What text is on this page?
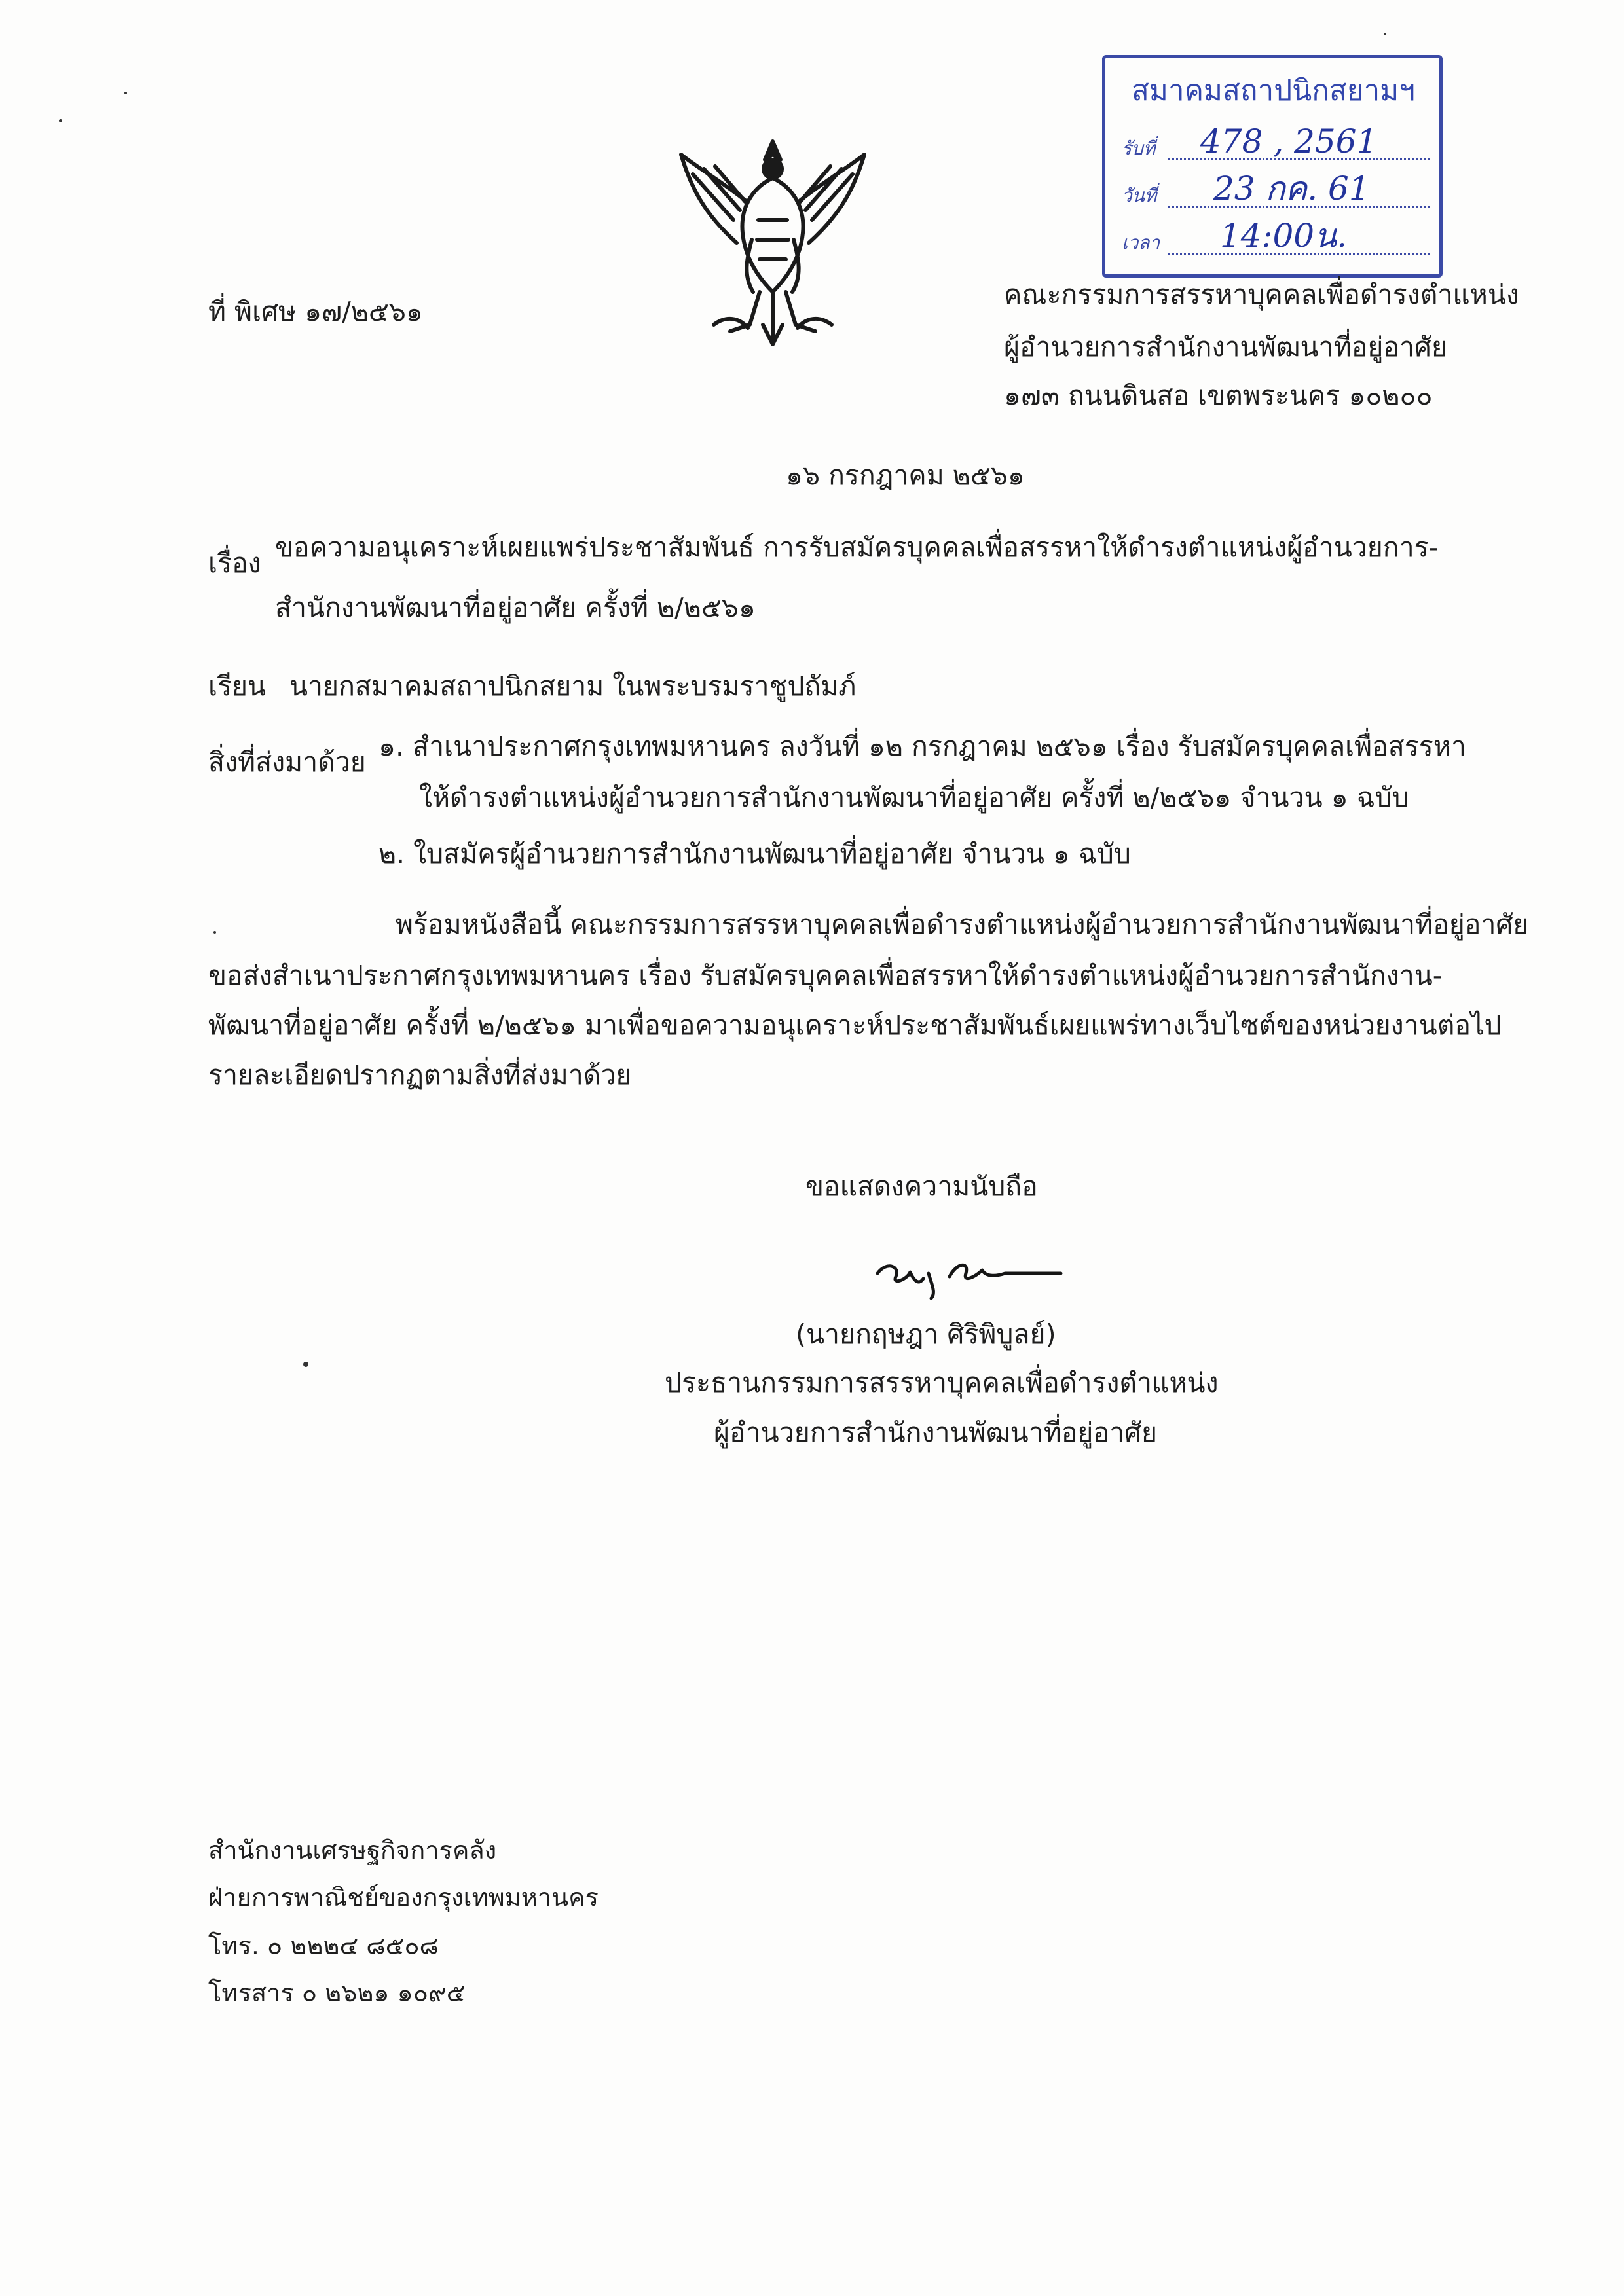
สมาคมสถาปนิกสยามฯ
รับที่ 478 , 2561
วันที่ 23 กค. 61
เวลา 14:00น.
ที่ พิเศษ ๑๗/๒๕๖๑
คณะกรรมการสรรหาบุคคลเพื่อดำรงตำแหน่ง
ผู้อำนวยการสำนักงานพัฒนาที่อยู่อาศัย
๑๗๓ ถนนดินสอ เขตพระนคร ๑๐๒๐๐
๑๖ กรกฎาคม ๒๕๖๑
เรื่อง ขอความอนุเคราะห์เผยแพร่ประชาสัมพันธ์ การรับสมัครบุคคลเพื่อสรรหาให้ดำรงตำแหน่งผู้อำนวยการ-
สำนักงานพัฒนาที่อยู่อาศัย ครั้งที่ ๒/๒๕๖๑
เรียน นายกสมาคมสถาปนิกสยาม ในพระบรมราชูปถัมภ์
สิ่งที่ส่งมาด้วย ๑. สำเนาประกาศกรุงเทพมหานคร ลงวันที่ ๑๒ กรกฎาคม ๒๕๖๑ เรื่อง รับสมัครบุคคลเพื่อสรรหา
ให้ดำรงตำแหน่งผู้อำนวยการสำนักงานพัฒนาที่อยู่อาศัย ครั้งที่ ๒/๒๕๖๑ จำนวน ๑ ฉบับ
๒. ใบสมัครผู้อำนวยการสำนักงานพัฒนาที่อยู่อาศัย จำนวน ๑ ฉบับ
พร้อมหนังสือนี้ คณะกรรมการสรรหาบุคคลเพื่อดำรงตำแหน่งผู้อำนวยการสำนักงานพัฒนาที่อยู่อาศัย
ขอส่งสำเนาประกาศกรุงเทพมหานคร เรื่อง รับสมัครบุคคลเพื่อสรรหาให้ดำรงตำแหน่งผู้อำนวยการสำนักงาน-
พัฒนาที่อยู่อาศัย ครั้งที่ ๒/๒๕๖๑ มาเพื่อขอความอนุเคราะห์ประชาสัมพันธ์เผยแพร่ทางเว็บไซต์ของหน่วยงานต่อไป
รายละเอียดปรากฏตามสิ่งที่ส่งมาด้วย
ขอแสดงความนับถือ
(นายกฤษฎา ศิริพิบูลย์)
ประธานกรรมการสรรหาบุคคลเพื่อดำรงตำแหน่ง
ผู้อำนวยการสำนักงานพัฒนาที่อยู่อาศัย
สำนักงานเศรษฐกิจการคลัง
ฝ่ายการพาณิชย์ของกรุงเทพมหานคร
โทร. ๐ ๒๒๒๔ ๘๕๐๘
โทรสาร ๐ ๒๖๒๑ ๑๐๙๕
